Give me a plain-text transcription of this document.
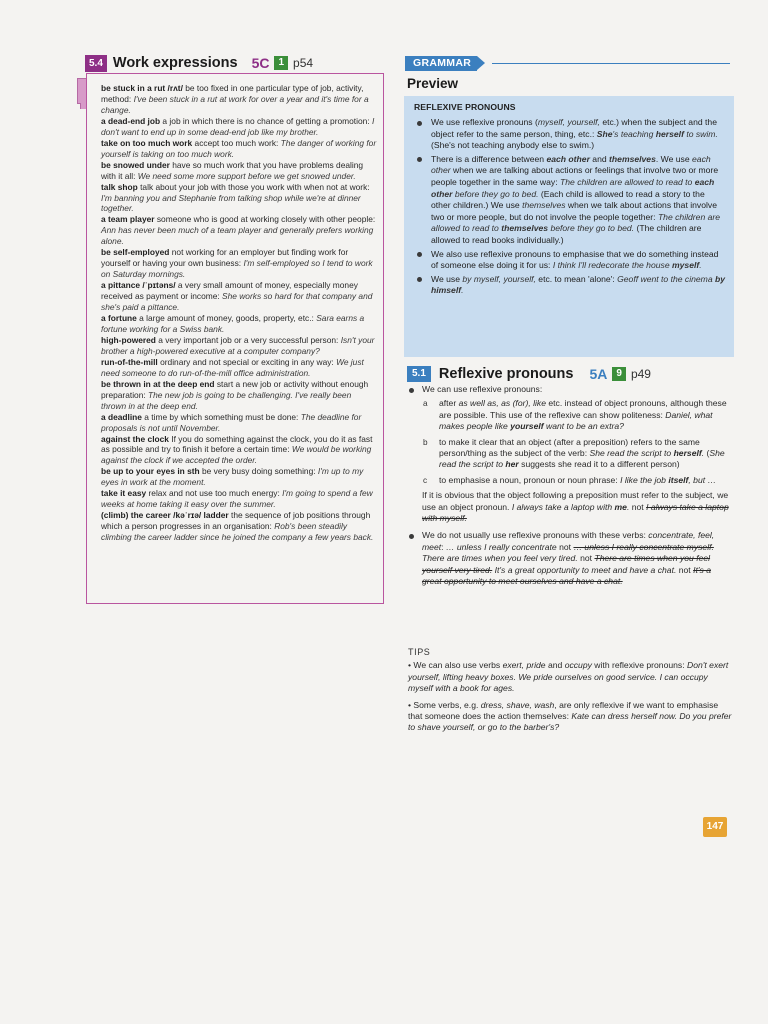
5.4 Work expressions 5C 1 p54
be stuck in a rut /rʌt/ be too fixed in one particular type of job, activity, method: I've been stuck in a rut at work for over a year and it's time for a change.
a dead-end job a job in which there is no chance of getting a promotion: I don't want to end up in some dead-end job like my brother.
take on too much work accept too much work: The danger of working for yourself is taking on too much work.
be snowed under have so much work that you have problems dealing with it all: We need some more support before we get snowed under.
talk shop talk about your job with those you work with when not at work: I'm banning you and Stephanie from talking shop while we're at dinner together.
a team player someone who is good at working closely with other people: Ann has never been much of a team player and generally prefers working alone.
be self-employed not working for an employer but finding work for yourself or having your own business: I'm self-employed so I tend to work on Saturday mornings.
a pittance /ˈpɪtəns/ a very small amount of money, especially money received as payment or income: She works so hard for that company and she's paid a pittance.
a fortune a large amount of money, goods, property, etc.: Sara earns a fortune working for a Swiss bank.
high-powered a very important job or a very successful person: Isn't your brother a high-powered executive at a computer company?
run-of-the-mill ordinary and not special or exciting in any way: We just need someone to do run-of-the-mill office administration.
be thrown in at the deep end start a new job or activity without enough preparation: The new job is going to be challenging. I've really been thrown in at the deep end.
a deadline a time by which something must be done: The deadline for proposals is not until November.
against the clock If you do something against the clock, you do it as fast as possible and try to finish it before a certain time: We would be working against the clock if we accepted the order.
be up to your eyes in sth be very busy doing something: I'm up to my eyes in work at the moment.
take it easy relax and not use too much energy: I'm going to spend a few weeks at home taking it easy over the summer.
(climb) the career /kəˈrɪə/ ladder the sequence of job positions through which a person progresses in an organisation: Rob's been steadily climbing the career ladder since he joined the company a few years back.
GRAMMAR
Preview
REFLEXIVE PRONOUNS
We use reflexive pronouns (myself, yourself, etc.) when the subject and the object refer to the same person, thing, etc.: She's teaching herself to swim. (She's not teaching anybody else to swim.)
There is a difference between each other and themselves. We use each other when we are talking about actions or feelings that involve two or more people together in the same way: The children are allowed to read to each other before they go to bed. (Each child is allowed to read a story to the other children.) We use themselves when we talk about actions that involve two or more people, but do not involve the people together: The children are allowed to read to themselves before they go to bed. (The children are allowed to read books individually.)
We also use reflexive pronouns to emphasise that we do something instead of someone else doing it for us: I think I'll redecorate the house myself.
We use by myself, yourself, etc. to mean 'alone': Geoff went to the cinema by himself.
5.1 Reflexive pronouns 5A 9 p49
We can use reflexive pronouns:
a after as well as, as (for), like etc. instead of object pronouns, although these are possible. This use of the reflexive can show politeness: Daniel, what makes people like yourself want to be an extra?
b to make it clear that an object (after a preposition) refers to the same person/thing as the subject of the verb: She read the script to herself. (She read the script to her suggests she read it to a different person)
c to emphasise a noun, pronoun or noun phrase: I like the job itself, but …
If it is obvious that the object following a preposition must refer to the subject, we use an object pronoun. I always take a laptop with me. not I always take a laptop with myself.
We do not usually use reflexive pronouns with these verbs: concentrate, feel, meet: … unless I really concentrate not … unless I really concentrate myself. There are times when you feel very tired. not There are times when you feel yourself very tired. It's a great opportunity to meet and have a chat. not It's a great opportunity to meet ourselves and have a chat.
TIPS
• We can also use verbs exert, pride and occupy with reflexive pronouns: Don't exert yourself, lifting heavy boxes. We pride ourselves on good service. I can occupy myself with a book for ages.
• Some verbs, e.g. dress, shave, wash, are only reflexive if we want to emphasise that someone does the action themselves: Kate can dress herself now. Do you prefer to shave yourself, or go to the barber's?
147
